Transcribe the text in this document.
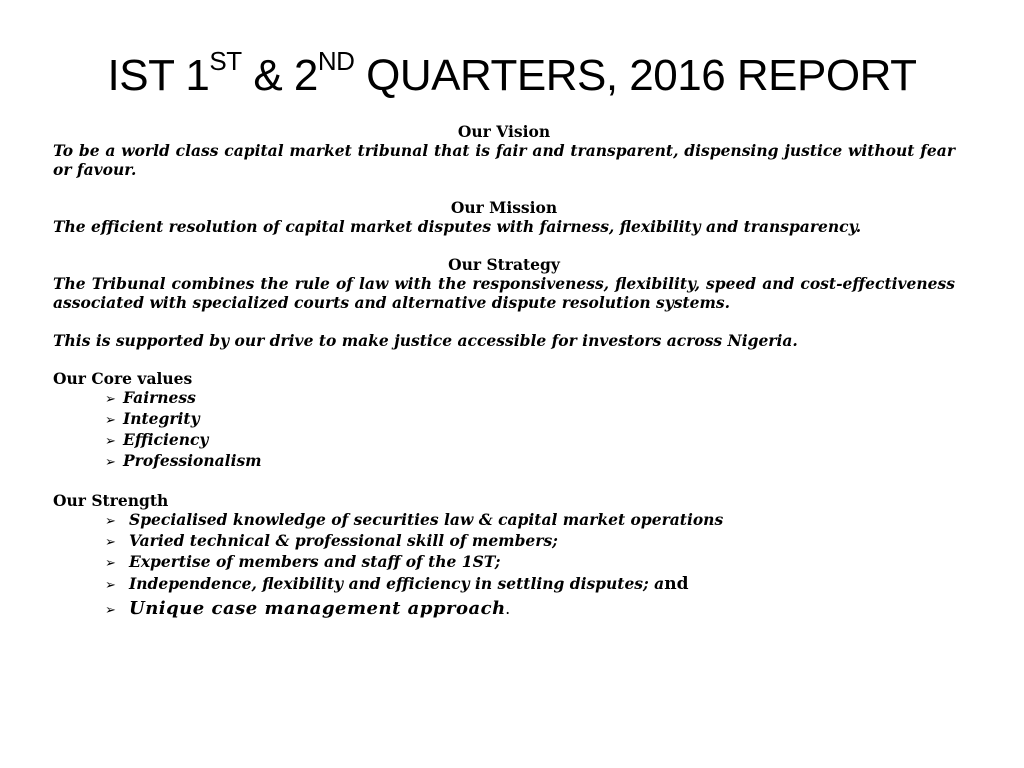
IST 1ST & 2ND QUARTERS, 2016 REPORT

Our Vision

To be a world class capital market tribunal that is fair and transparent, dispensing justice without fear or favour.

Our Mission

The efficient resolution of capital market disputes with fairness, flexibility and transparency.

Our Strategy

The Tribunal combines the rule of law with the responsiveness, flexibility, speed and cost-effectiveness associated with specialized courts and alternative dispute resolution systems.

This is supported by our drive to make justice accessible for investors across Nigeria.

Our Core values

➢ Fairness
➢ Integrity
➢ Efficiency
➢ Professionalism

Our Strength

➢ Specialised knowledge of securities law & capital market operations
➢ Varied technical & professional skill of members;
➢ Expertise of members and staff of the 1ST;
➢ Independence, flexibility and efficiency in settling disputes; and
➢ Unique case management approach.
